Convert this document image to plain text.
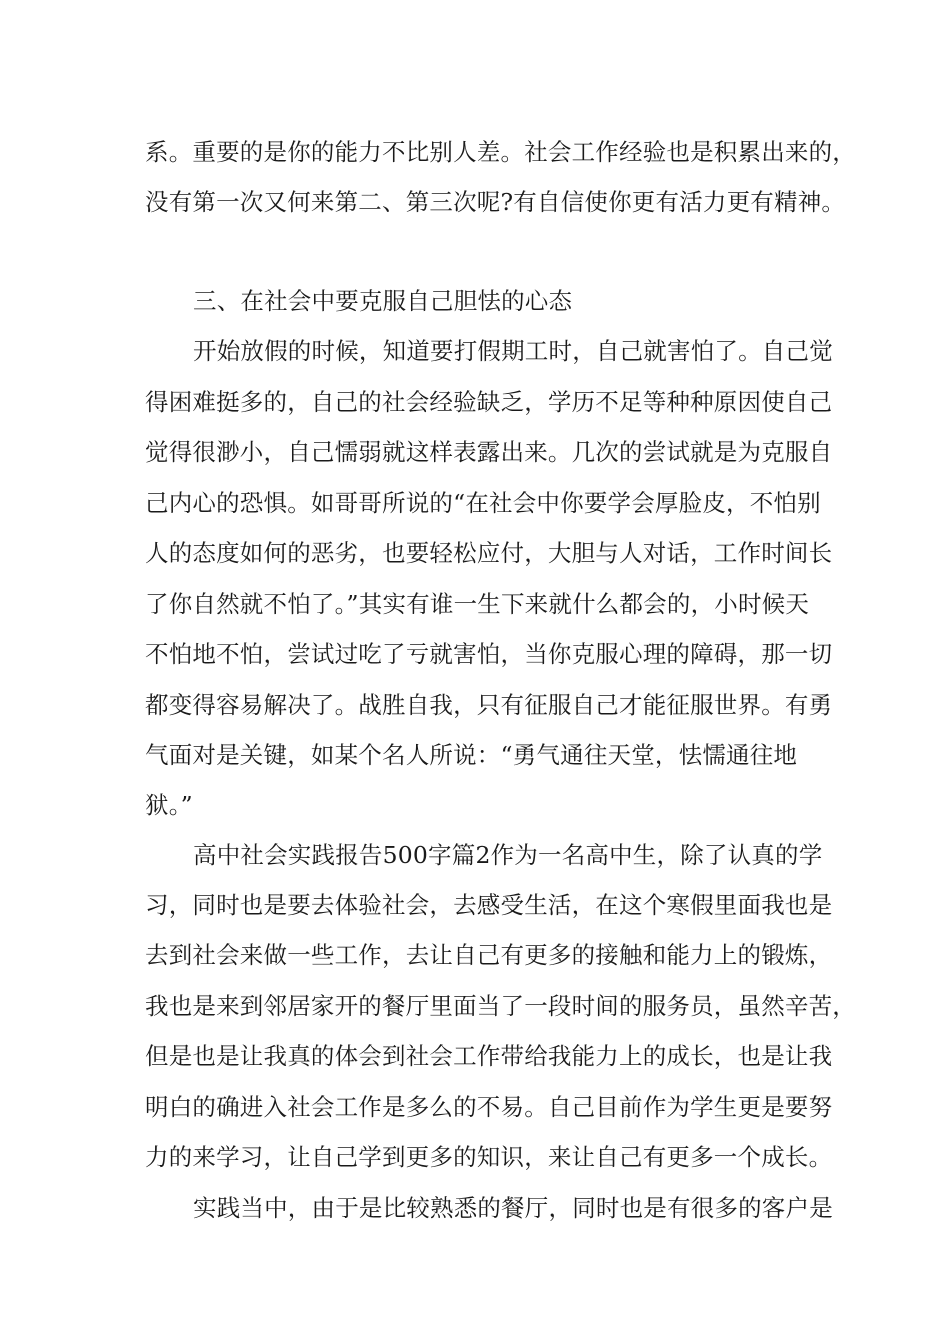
系。重要的是你的能力不比别人差。社会工作经验也是积累出来的，
没有第一次又何来第二、第三次呢?有自信使你更有活力更有精神。
三、在社会中要克服自己胆怯的心态
开始放假的时候，知道要打假期工时，自己就害怕了。自己觉
得困难挺多的，自己的社会经验缺乏，学历不足等种种原因使自己
觉得很渺小，自己懦弱就这样表露出来。几次的尝试就是为克服自
己内心的恐惧。如哥哥所说的“在社会中你要学会厚脸皮，不怕别
人的态度如何的恶劣，也要轻松应付，大胆与人对话，工作时间长
了你自然就不怕了。”其实有谁一生下来就什么都会的，小时候天
不怕地不怕，尝试过吃了亏就害怕，当你克服心理的障碍，那一切
都变得容易解决了。战胜自我，只有征服自己才能征服世界。有勇
气面对是关键，如某个名人所说：“勇气通往天堂，怯懦通往地
狱。”
高中社会实践报告500字篇2作为一名高中生，除了认真的学
习，同时也是要去体验社会，去感受生活，在这个寒假里面我也是
去到社会来做一些工作，去让自己有更多的接触和能力上的锻炼，
我也是来到邻居家开的餐厅里面当了一段时间的服务员，虽然辛苦，
但是也是让我真的体会到社会工作带给我能力上的成长，也是让我
明白的确进入社会工作是多么的不易。自己目前作为学生更是要努
力的来学习，让自己学到更多的知识，来让自己有更多一个成长。
实践当中，由于是比较熟悉的餐厅，同时也是有很多的客户是
